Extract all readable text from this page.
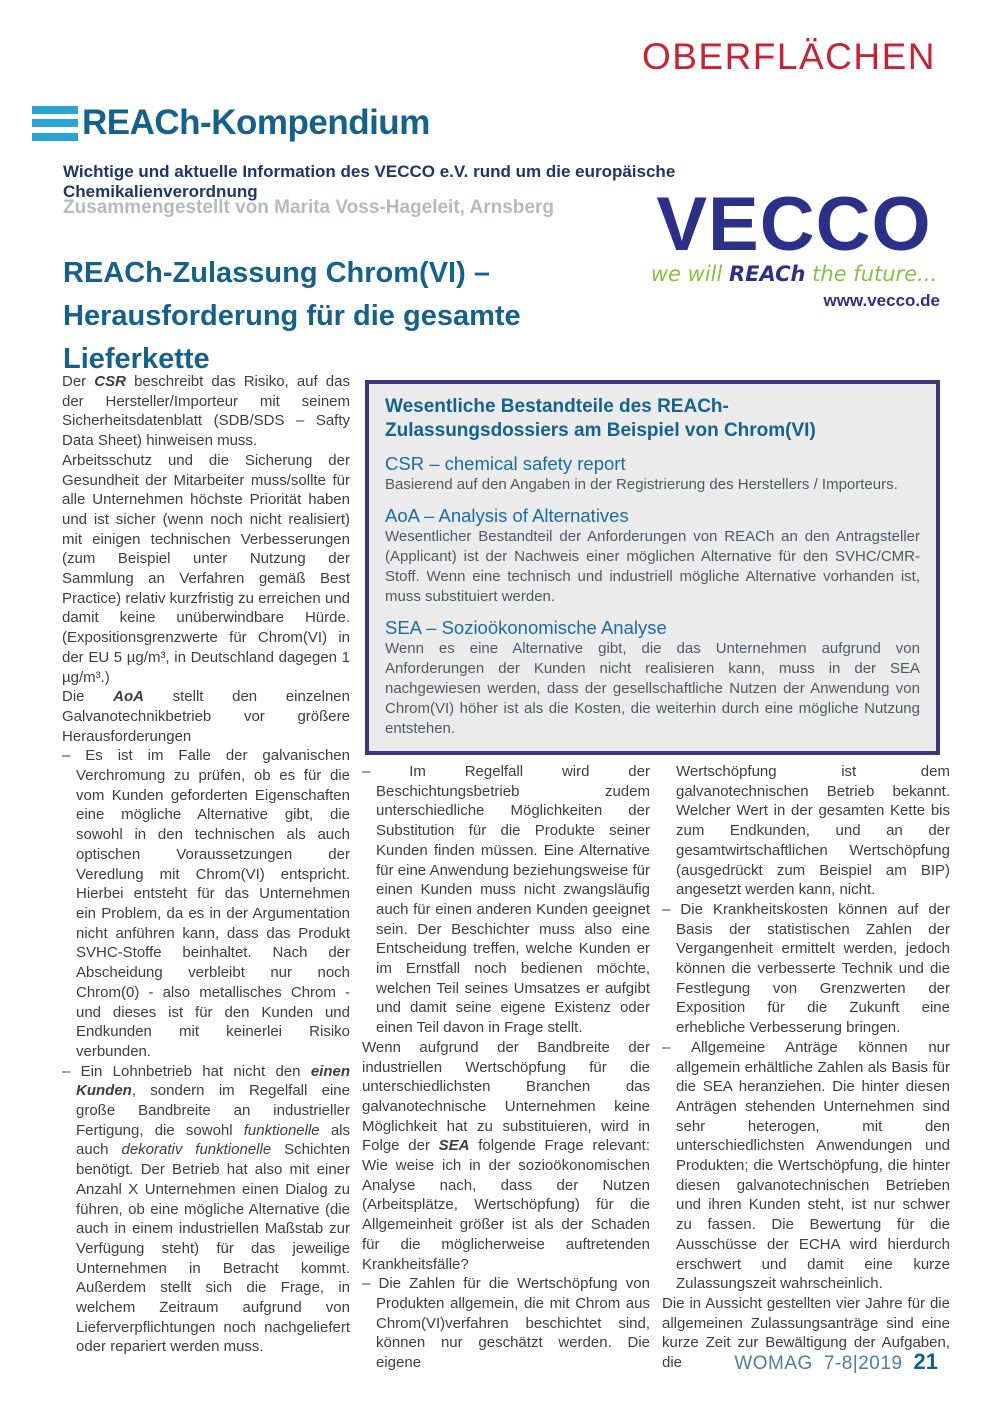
OBERFLÄCHEN
REACh-Kompendium
Wichtige und aktuelle Information des VECCO e.V. rund um die europäische Chemikalienverordnung
Zusammengestellt von Marita Voss-Hageleit, Arnsberg
REACh-Zulassung Chrom(VI) –
Herausforderung für die gesamte Lieferkette
VECCO
we will REACh the future...
www.vecco.de
Wesentliche Bestandteile des REACh-
Zulassungsdossiers am Beispiel von Chrom(VI)
CSR – chemical safety report
Basierend auf den Angaben in der Registrierung des Herstellers / Importeurs.
AoA – Analysis of Alternatives
Wesentlicher Bestandteil der Anforderungen von REACh an den Antragsteller (Applicant) ist der Nachweis einer möglichen Alternative für den SVHC/CMR-Stoff. Wenn eine technisch und industriell mögliche Alternative vorhanden ist, muss substituiert werden.
SEA – Sozioökonomische Analyse
Wenn es eine Alternative gibt, die das Unternehmen aufgrund von Anforderungen der Kunden nicht realisieren kann, muss in der SEA nachgewiesen werden, dass der gesellschaftliche Nutzen der Anwendung von Chrom(VI) höher ist als die Kosten, die weiterhin durch eine mögliche Nutzung entstehen.
Der CSR beschreibt das Risiko, auf das der Hersteller/Importeur mit seinem Sicherheitsdatenblatt (SDB/SDS – Safty Data Sheet) hinweisen muss.
Arbeitsschutz und die Sicherung der Gesundheit der Mitarbeiter muss/sollte für alle Unternehmen höchste Priorität haben und ist sicher (wenn noch nicht realisiert) mit einigen technischen Verbesserungen (zum Beispiel unter Nutzung der Sammlung an Verfahren gemäß Best Practice) relativ kurzfristig zu erreichen und damit keine unüberwindbare Hürde. (Expositionsgrenzwerte für Chrom(VI) in der EU 5 µg/m³, in Deutschland dagegen 1 µg/m³.)
Die AoA stellt den einzelnen Galvanotechnikbetrieb vor größere Herausforderungen
– Es ist im Falle der galvanischen Verchromung zu prüfen, ob es für die vom Kunden geforderten Eigenschaften eine mögliche Alternative gibt, die sowohl in den technischen als auch optischen Voraussetzungen der Veredlung mit Chrom(VI) entspricht. Hierbei entsteht für das Unternehmen ein Problem, da es in der Argumentation nicht anführen kann, dass das Produkt SVHC-Stoffe beinhaltet. Nach der Abscheidung verbleibt nur noch Chrom(0) - also metallisches Chrom - und dieses ist für den Kunden und Endkunden mit keinerlei Risiko verbunden.
– Ein Lohnbetrieb hat nicht den einen Kunden, sondern im Regelfall eine große Bandbreite an industrieller Fertigung, die sowohl funktionelle als auch dekorativ funktionelle Schichten benötigt. Der Betrieb hat also mit einer Anzahl X Unternehmen einen Dialog zu führen, ob eine mögliche Alternative (die auch in einem industriellen Maßstab zur Verfügung steht) für das jeweilige Unternehmen in Betracht kommt. Außerdem stellt sich die Frage, in welchem Zeitraum aufgrund von Lieferverpflichtungen noch nachgeliefert oder repariert werden muss.
– Im Regelfall wird der Beschichtungsbetrieb zudem unterschiedliche Möglichkeiten der Substitution für die Produkte seiner Kunden finden müssen. Eine Alternative für eine Anwendung beziehungsweise für einen Kunden muss nicht zwangsläufig auch für einen anderen Kunden geeignet sein. Der Beschichter muss also eine Entscheidung treffen, welche Kunden er im Ernstfall noch bedienen möchte, welchen Teil seines Umsatzes er aufgibt und damit seine eigene Existenz oder einen Teil davon in Frage stellt.
Wenn aufgrund der Bandbreite der industriellen Wertschöpfung für die unterschiedlichsten Branchen das galvanotechnische Unternehmen keine Möglichkeit hat zu substituieren, wird in Folge der SEA folgende Frage relevant: Wie weise ich in der sozioökonomischen Analyse nach, dass der Nutzen (Arbeitsplätze, Wertschöpfung) für die Allgemeinheit größer ist als der Schaden für die möglicherweise auftretenden Krankheitsfälle?
– Die Zahlen für die Wertschöpfung von Produkten allgemein, die mit Chrom aus Chrom(VI)verfahren beschichtet sind, können nur geschätzt werden. Die eigene
Wertschöpfung ist dem galvanotechnischen Betrieb bekannt. Welcher Wert in der gesamten Kette bis zum Endkunden, und an der gesamtwirtschaftlichen Wertschöpfung (ausgedrückt zum Beispiel am BIP) angesetzt werden kann, nicht.
– Die Krankheitskosten können auf der Basis der statistischen Zahlen der Vergangenheit ermittelt werden, jedoch können die verbesserte Technik und die Festlegung von Grenzwerten der Exposition für die Zukunft eine erhebliche Verbesserung bringen.
– Allgemeine Anträge können nur allgemein erhältliche Zahlen als Basis für die SEA heranziehen. Die hinter diesen Anträgen stehenden Unternehmen sind sehr heterogen, mit den unterschiedlichsten Anwendungen und Produkten; die Wertschöpfung, die hinter diesen galvanotechnischen Betrieben und ihren Kunden steht, ist nur schwer zu fassen. Die Bewertung für die Ausschüsse der ECHA wird hierdurch erschwert und damit eine kurze Zulassungszeit wahrscheinlich.
Die in Aussicht gestellten vier Jahre für die allgemeinen Zulassungsanträge sind eine kurze Zeit zur Bewältigung der Aufgaben, die	WOMAG 7-8|2019 21
